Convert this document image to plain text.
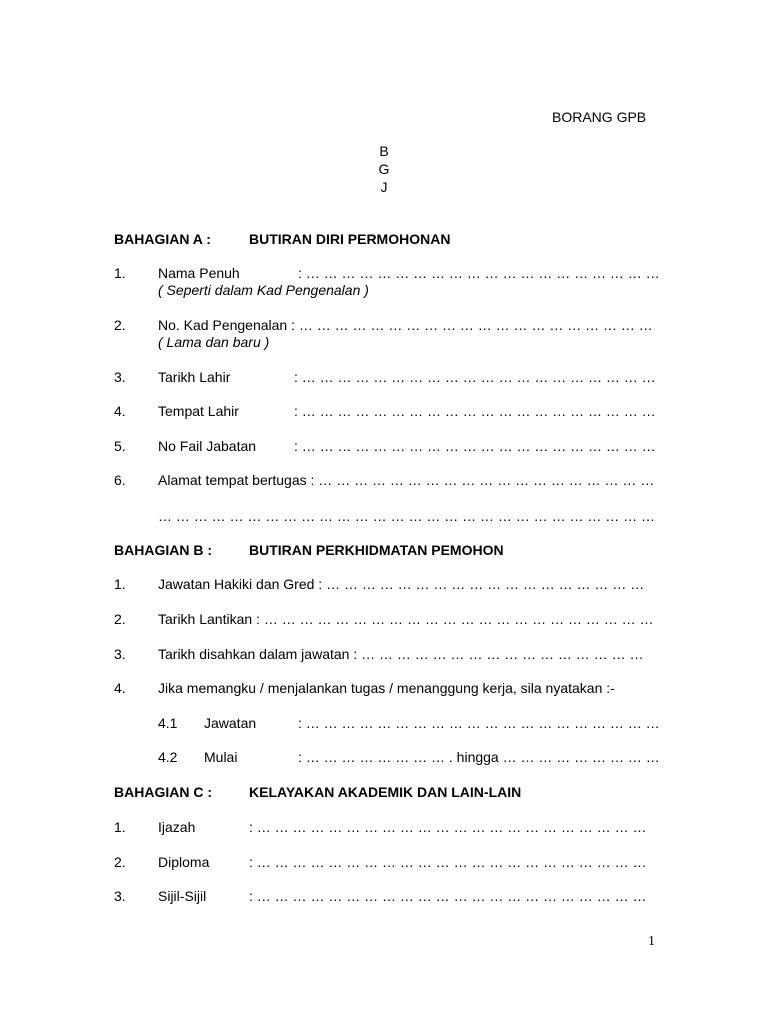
BORANG GPB
B
G
J
BAHAGIAN A :	BUTIRAN DIRI PERMOHONAN
1. Nama Penuh	: … … … … … … … … … … … … … … … … … … … …
( Seperti dalam Kad Pengenalan )
2. No. Kad Pengenalan : … … … … … … … … … … … … … … … … … … … …
( Lama dan baru )
3. Tarikh Lahir	: … … … … … … … … … … … … … … … … … … … …
4. Tempat Lahir	: … … … … … … … … … … … … … … … … … … … …
5. No Fail Jabatan	: … … … … … … … … … … … … … … … … … … … …
6. Alamat tempat bertugas : … … … … … … … … … … … … … … … … … … …
… … … … … … … … … … … … … … … … … … … … … … … … … … … …
BAHAGIAN B :	BUTIRAN PERKHIDMATAN PEMOHON
1. Jawatan Hakiki dan Gred : … … … … … … … … … … … … … … … … … …
2. Tarikh Lantikan : … … … … … … … … … … … … … … … … … … … … … …
3. Tarikh disahkan dalam jawatan : … … … … … … … … … … … … … … … …
4. Jika memangku / menjalankan tugas / menanggung kerja, sila nyatakan :-
4.1 Jawatan	: … … … … … … … … … … … … … … … … … … … …
4.2 Mulai	: … … … … … … … … . hingga … … … … … … … … …
BAHAGIAN C :	KELAYAKAN AKADEMIK DAN LAIN-LAIN
1. Ijazah	: … … … … … … … … … … … … … … … … … … … … … …
2. Diploma	: … … … … … … … … … … … … … … … … … … … … … …
3. Sijil-Sijil	: … … … … … … … … … … … … … … … … … … … … … …
1
